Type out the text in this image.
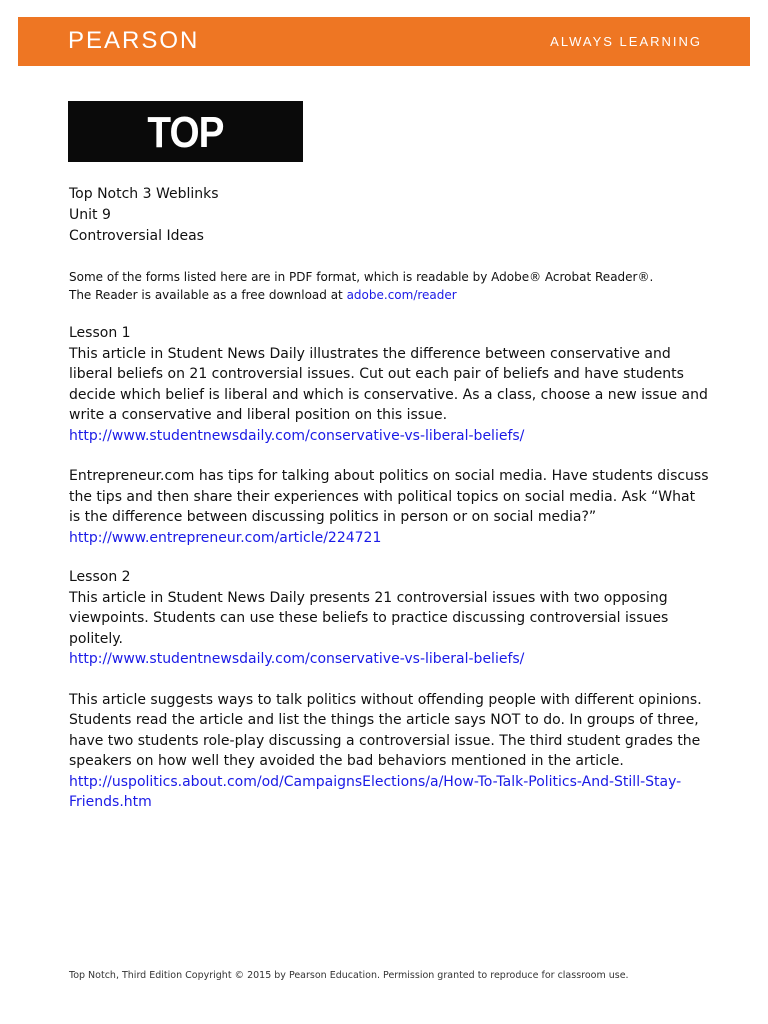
PEARSON	ALWAYS LEARNING
TOP

Top Notch 3 Weblinks

Unit 9

Controversial Ideas

Some of the forms listed here are in PDF format, which is readable by Adobe® Acrobat Reader®.
The Reader is available as a free download at adobe.com/reader
Lesson 1

This article in Student News Daily illustrates the difference between conservative and liberal beliefs on 21 controversial issues. Cut out each pair of beliefs and have students decide which belief is liberal and which is conservative. As a class, choose a new issue and write a conservative and liberal position on this issue.

http://www.studentnewsdaily.com/conservative-vs-liberal-beliefs/

Entrepreneur.com has tips for talking about politics on social media. Have students discuss the tips and then share their experiences with political topics on social media. Ask “What is the difference between discussing politics in person or on social media?”

http://www.entrepreneur.com/article/224721
Lesson 2

This article in Student News Daily presents 21 controversial issues with two opposing viewpoints. Students can use these beliefs to practice discussing controversial issues politely.

http://www.studentnewsdaily.com/conservative-vs-liberal-beliefs/

This article suggests ways to talk politics without offending people with different opinions. Students read the article and list the things the article says NOT to do. In groups of three, have two students role-play discussing a controversial issue. The third student grades the speakers on how well they avoided the bad behaviors mentioned in the article.

http://uspolitics.about.com/od/CampaignsElections/a/How-To-Talk-Politics-And-Still-Stay-Friends.htm
Top Notch, Third Edition Copyright © 2015 by Pearson Education. Permission granted to reproduce for classroom use.
